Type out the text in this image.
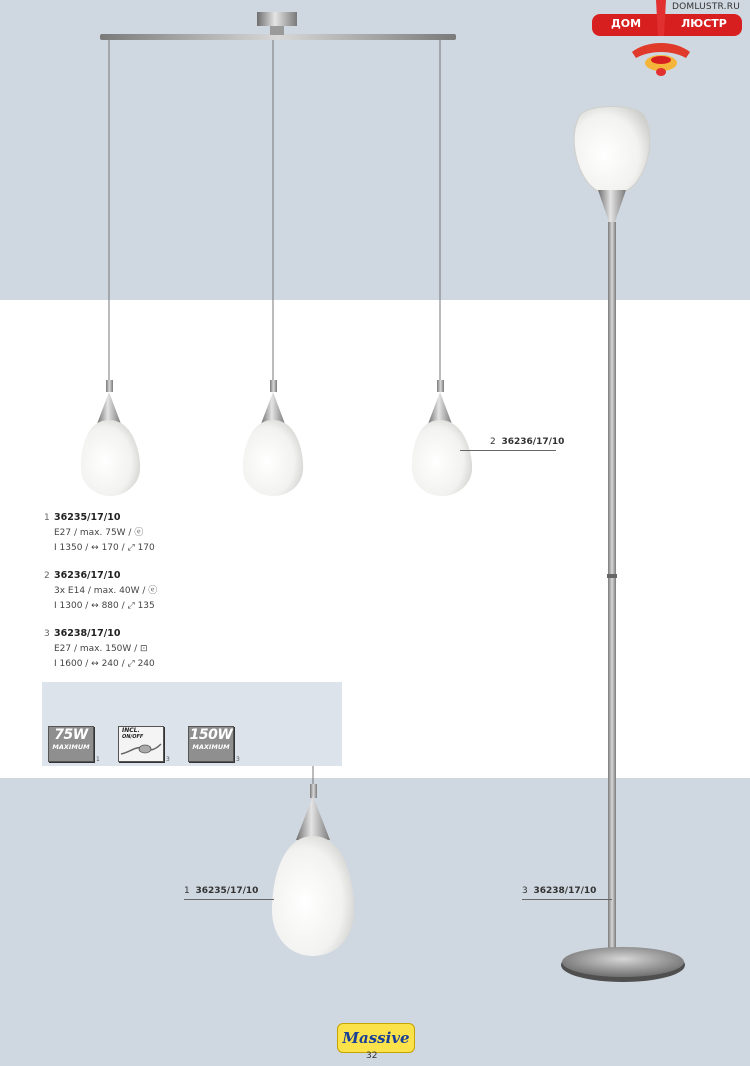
DOMLUSTR.RU
ДОМ	ЛЮСТР
1 36235/17/10
E27 / max. 75W / ⓔ
I 1350 / ↔ 170 / ⤢ 170
2 36236/17/10
3x E14 / max. 40W / ⓔ
I 1300 / ↔ 880 / ⤢ 135
3 36238/17/10
E27 / max. 150W / ⊡
I 1600 / ↔ 240 / ⤢ 240
2 36236/17/10
1 36235/17/10	3 36238/17/10
75W
MAXIMUM
1
INCL.
ON/OFF
3
150W
MAXIMUM
3
Massive
32
